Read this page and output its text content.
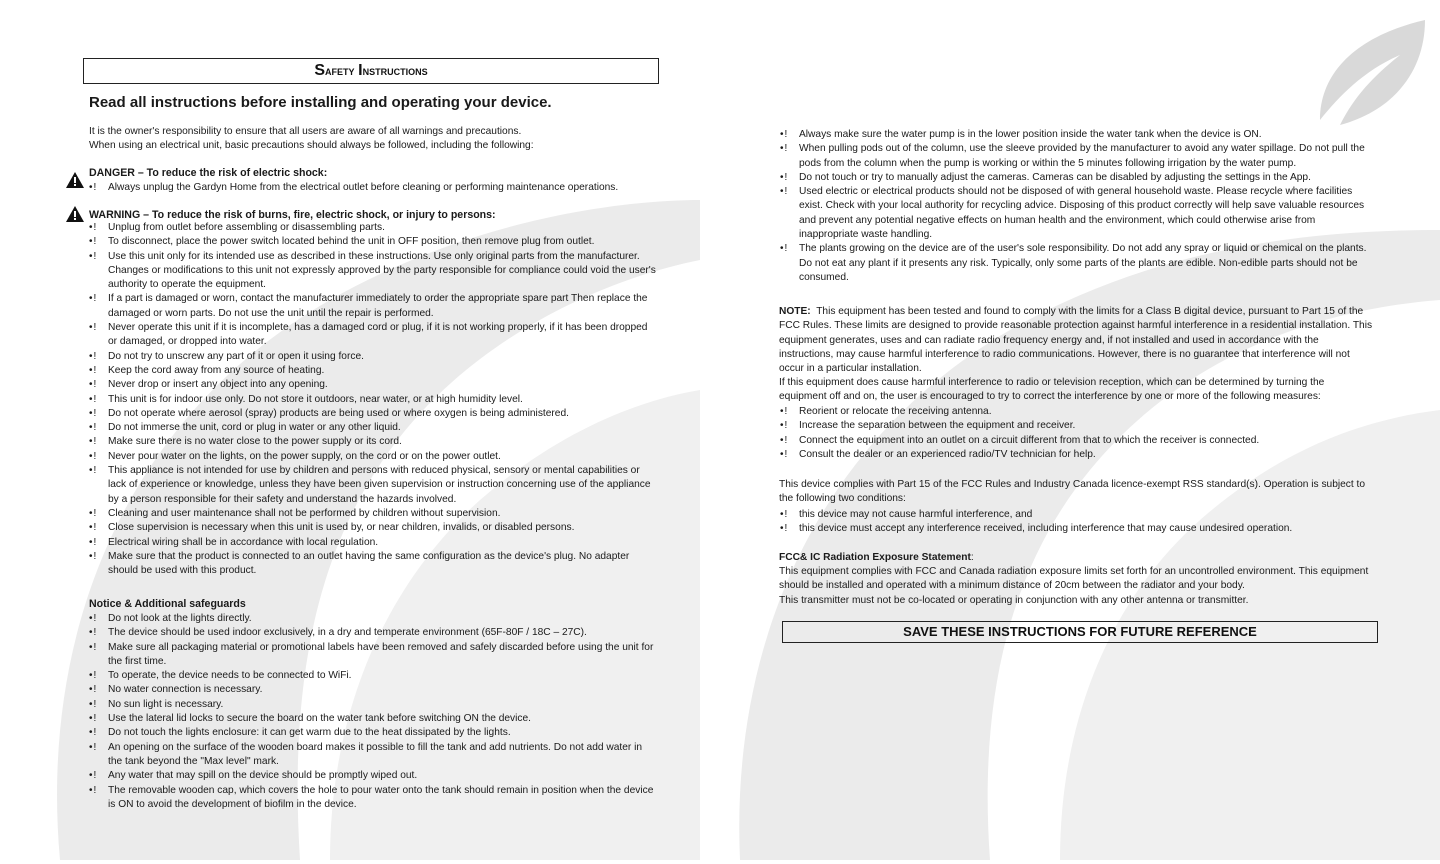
Safety Instructions
Read all instructions before installing and operating your device.
It is the owner's responsibility to ensure that all users are aware of all warnings and precautions.
When using an electrical unit, basic precautions should always be followed, including the following:
DANGER – To reduce the risk of electric shock:
•! Always unplug the Gardyn Home from the electrical outlet before cleaning or performing maintenance operations.
WARNING – To reduce the risk of burns, fire, electric shock, or injury to persons:
•! Unplug from outlet before assembling or disassembling parts.
•! To disconnect, place the power switch located behind the unit in OFF position, then remove plug from outlet.
•! Use this unit only for its intended use as described in these instructions. Use only original parts from the manufacturer. Changes or modifications to this unit not expressly approved by the party responsible for compliance could void the user's authority to operate the equipment.
•! If a part is damaged or worn, contact the manufacturer immediately to order the appropriate spare part Then replace the damaged or worn parts. Do not use the unit until the repair is performed.
•! Never operate this unit if it is incomplete, has a damaged cord or plug, if it is not working properly, if it has been dropped or damaged, or dropped into water.
•! Do not try to unscrew any part of it or open it using force.
•! Keep the cord away from any source of heating.
•! Never drop or insert any object into any opening.
•! This unit is for indoor use only. Do not store it outdoors, near water, or at high humidity level.
•! Do not operate where aerosol (spray) products are being used or where oxygen is being administered.
•! Do not immerse the unit, cord or plug in water or any other liquid.
•! Make sure there is no water close to the power supply or its cord.
•! Never pour water on the lights, on the power supply, on the cord or on the power outlet.
•! This appliance is not intended for use by children and persons with reduced physical, sensory or mental capabilities or lack of experience or knowledge, unless they have been given supervision or instruction concerning use of the appliance by a person responsible for their safety and understand the hazards involved.
•! Cleaning and user maintenance shall not be performed by children without supervision.
•! Close supervision is necessary when this unit is used by, or near children, invalids, or disabled persons.
•! Electrical wiring shall be in accordance with local regulation.
•! Make sure that the product is connected to an outlet having the same configuration as the device's plug. No adapter should be used with this product.
Notice & Additional safeguards
•! Do not look at the lights directly.
•! The device should be used indoor exclusively, in a dry and temperate environment (65F-80F / 18C – 27C).
•! Make sure all packaging material or promotional labels have been removed and safely discarded before using the unit for the first time.
•! To operate, the device needs to be connected to WiFi.
•! No water connection is necessary.
•! No sun light is necessary.
•! Use the lateral lid locks to secure the board on the water tank before switching ON the device.
•! Do not touch the lights enclosure: it can get warm due to the heat dissipated by the lights.
•! An opening on the surface of the wooden board makes it possible to fill the tank and add nutrients. Do not add water in the tank beyond the "Max level" mark.
•! Any water that may spill on the device should be promptly wiped out.
•! The removable wooden cap, which covers the hole to pour water onto the tank should remain in position when the device is ON to avoid the development of biofilm in the device.
•! Always make sure the water pump is in the lower position inside the water tank when the device is ON.
•! When pulling pods out of the column, use the sleeve provided by the manufacturer to avoid any water spillage. Do not pull the pods from the column when the pump is working or within the 5 minutes following irrigation by the water pump.
•! Do not touch or try to manually adjust the cameras. Cameras can be disabled by adjusting the settings in the App.
•! Used electric or electrical products should not be disposed of with general household waste. Please recycle where facilities exist. Check with your local authority for recycling advice. Disposing of this product correctly will help save valuable resources and prevent any potential negative effects on human health and the environment, which could otherwise arise from inappropriate waste handling.
•! The plants growing on the device are of the user's sole responsibility. Do not add any spray or liquid or chemical on the plants. Do not eat any plant if it presents any risk. Typically, only some parts of the plants are edible. Non-edible parts should not be consumed.
NOTE: This equipment has been tested and found to comply with the limits for a Class B digital device, pursuant to Part 15 of the FCC Rules. These limits are designed to provide reasonable protection against harmful interference in a residential installation. This equipment generates, uses and can radiate radio frequency energy and, if not installed and used in accordance with the instructions, may cause harmful interference to radio communications. However, there is no guarantee that interference will not occur in a particular installation.
If this equipment does cause harmful interference to radio or television reception, which can be determined by turning the equipment off and on, the user is encouraged to try to correct the interference by one or more of the following measures:
•! Reorient or relocate the receiving antenna.
•! Increase the separation between the equipment and receiver.
•! Connect the equipment into an outlet on a circuit different from that to which the receiver is connected.
•! Consult the dealer or an experienced radio/TV technician for help.
This device complies with Part 15 of the FCC Rules and Industry Canada licence-exempt RSS standard(s). Operation is subject to the following two conditions:
•! this device may not cause harmful interference, and
•! this device must accept any interference received, including interference that may cause undesired operation.
FCC& IC Radiation Exposure Statement:
This equipment complies with FCC and Canada radiation exposure limits set forth for an uncontrolled environment. This equipment should be installed and operated with a minimum distance of 20cm between the radiator and your body.
This transmitter must not be co-located or operating in conjunction with any other antenna or transmitter.
SAVE THESE INSTRUCTIONS FOR FUTURE REFERENCE
